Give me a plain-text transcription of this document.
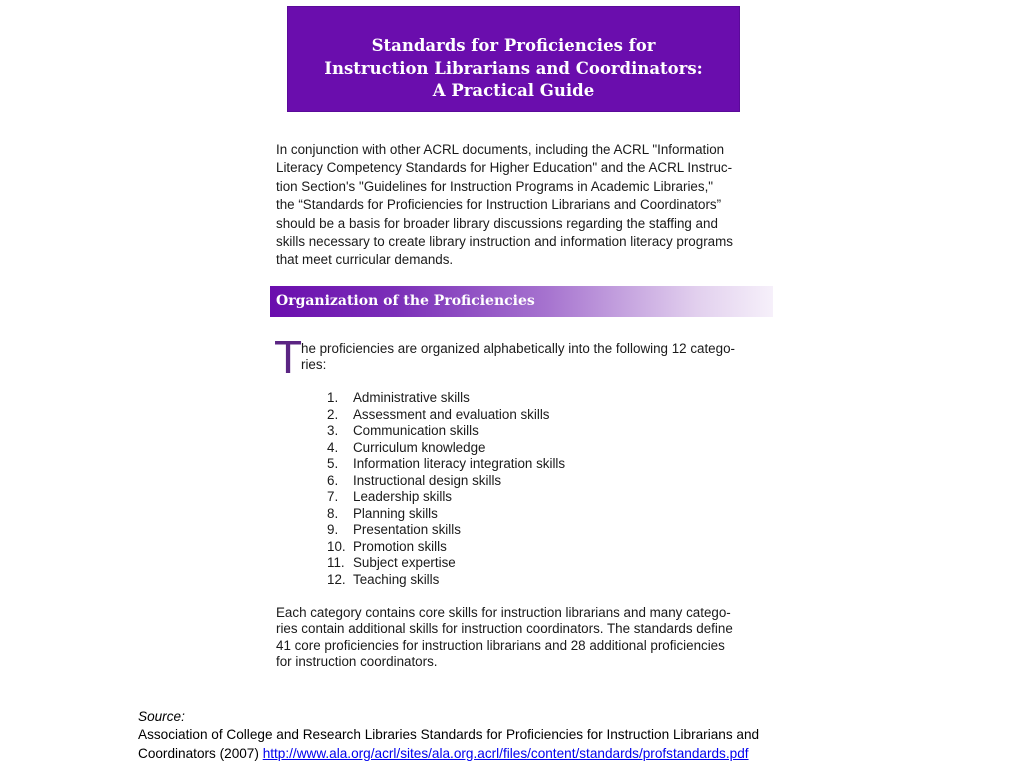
Standards for Proficiencies for
Instruction Librarians and Coordinators:
A Practical Guide
In conjunction with other ACRL documents, including the ACRL "Information
Literacy Competency Standards for Higher Education" and the ACRL Instruc-
tion Section's "Guidelines for Instruction Programs in Academic Libraries,"
the “Standards for Proficiencies for Instruction Librarians and Coordinators”
should be a basis for broader library discussions regarding the staffing and
skills necessary to create library instruction and information literacy programs
that meet curricular demands.
Organization of the Proficiencies
T
he proficiencies are organized alphabetically into the following 12 catego-
ries:
1.	Administrative skills
2.	Assessment and evaluation skills
3.	Communication skills
4.	Curriculum knowledge
5.	Information literacy integration skills
6.	Instructional design skills
7.	Leadership skills
8.	Planning skills
9.	Presentation skills
10. Promotion skills
11. Subject expertise
12. Teaching skills
Each category contains core skills for instruction librarians and many catego-
ries contain additional skills for instruction coordinators. The standards define
41 core proficiencies for instruction librarians and 28 additional proficiencies
for instruction coordinators.
Source:
Association of College and Research Libraries Standards for Proficiencies for Instruction Librarians and
Coordinators (2007) http://www.ala.org/acrl/sites/ala.org.acrl/files/content/standards/profstandards.pdf
